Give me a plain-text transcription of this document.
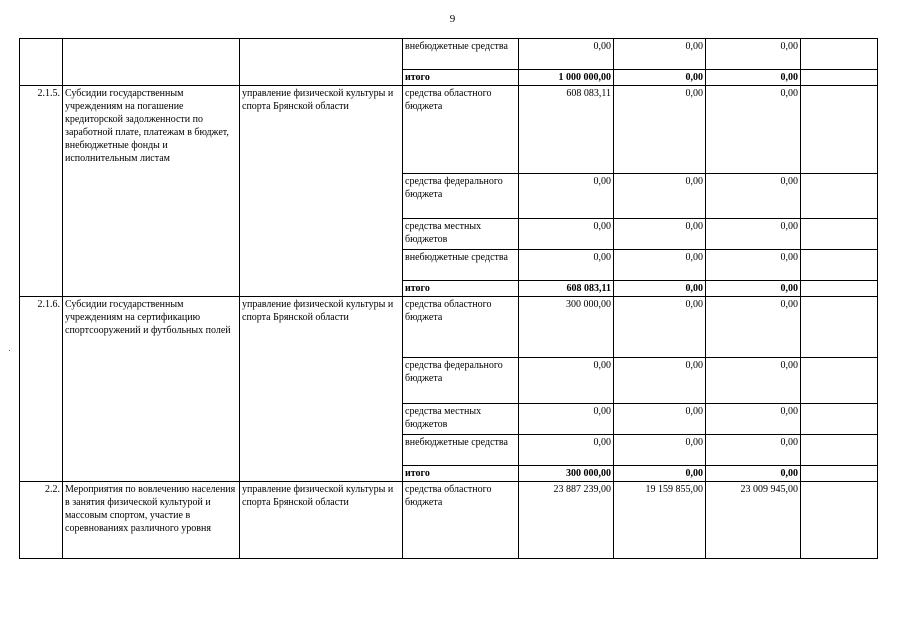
9
			внебюджетные средства	0,00	0,00	0,00	
			итого	1 000 000,00	0,00	0,00	
2.1.5.	Субсидии государственным учреждениям на погашение кредиторской задолженности по заработной плате, платежам в бюджет, внебюджетные фонды и исполнительным листам	управление физической культуры и спорта Брянской области	средства областного бюджета	608 083,11	0,00	0,00	
			средства федерального бюджета	0,00	0,00	0,00	
			средства местных бюджетов	0,00	0,00	0,00	
			внебюджетные средства	0,00	0,00	0,00	
			итого	608 083,11	0,00	0,00	
2.1.6.	Субсидии государственным учреждениям на сертификацию спортсооружений и футбольных полей	управление физической культуры и спорта Брянской области	средства областного бюджета	300 000,00	0,00	0,00	
			средства федерального бюджета	0,00	0,00	0,00	
			средства местных бюджетов	0,00	0,00	0,00	
			внебюджетные средства	0,00	0,00	0,00	
			итого	300 000,00	0,00	0,00	
2.2.	Мероприятия по вовлечению населения в занятия физической культурой и массовым спортом, участие в соревнованиях различного уровня	управление физической культуры и спорта Брянской области	средства областного бюджета	23 887 239,00	19 159 855,00	23 009 945,00	
